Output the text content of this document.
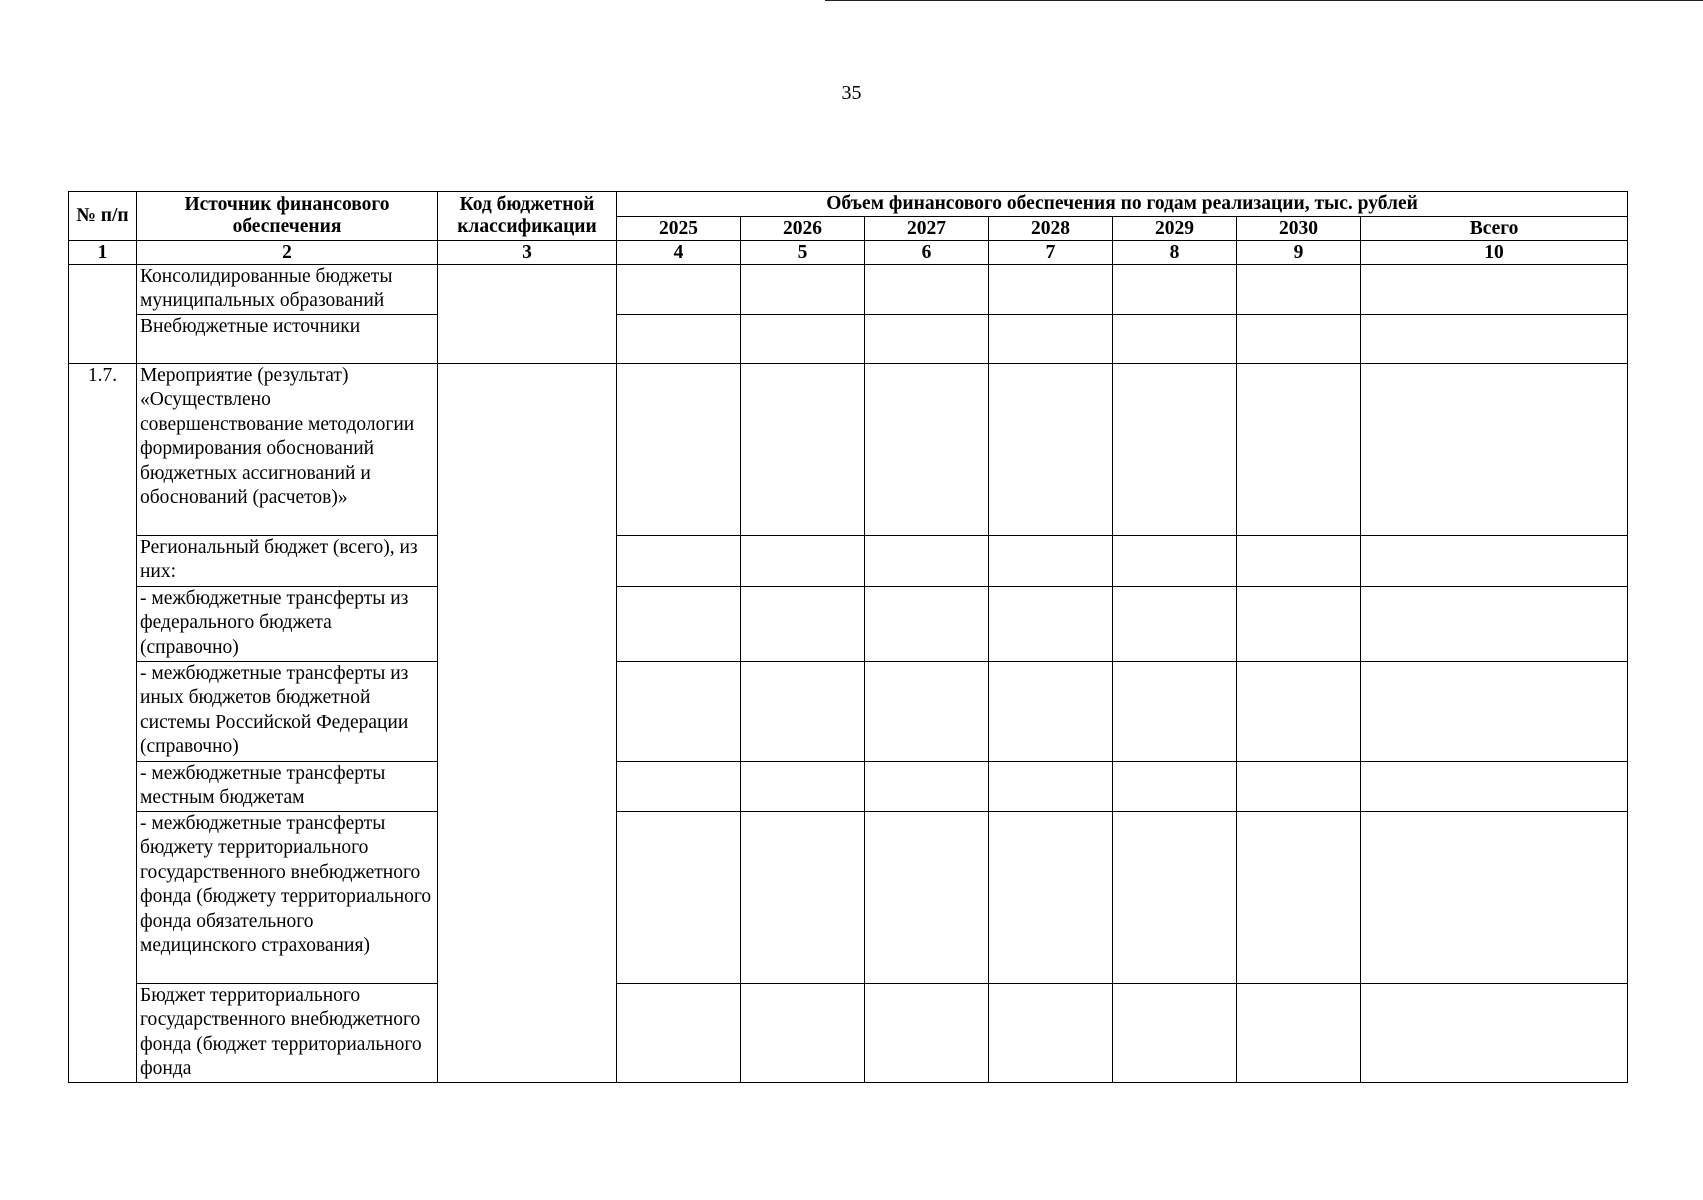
35
№ п/п	Источник финансового обеспечения	Код бюджетной классификации	Объем финансового обеспечения по годам реализации, тыс. рублей						
			2025	2026	2027	2028	2029	2030	Всего
1	2	3	4	5	6	7	8	9	10
	Консолидированные бюджеты муниципальных образований								
	Внебюджетные источники								
1.7.	Мероприятие (результат) «Осуществлено совершенствование методологии формирования обоснований бюджетных ассигнований и обоснований (расчетов)»								
	Региональный бюджет (всего), из них:								
	- межбюджетные трансферты из федерального бюджета (справочно)								
	- межбюджетные трансферты из иных бюджетов бюджетной системы Российской Федерации (справочно)								
	- межбюджетные трансферты местным бюджетам								
	- межбюджетные трансферты бюджету территориального государственного внебюджетного фонда (бюджету территориального фонда обязательного медицинского страхования)								
	Бюджет территориального государственного внебюджетного фонда (бюджет территориального фонда								
